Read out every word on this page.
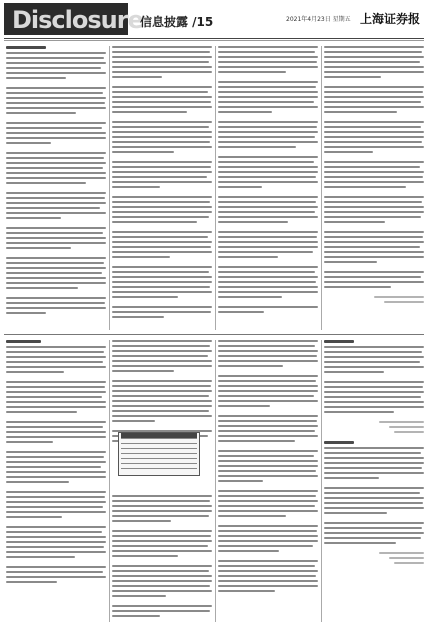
Disclosure
信息披露 /15	2021年4月23日 星期五 上海证券报
